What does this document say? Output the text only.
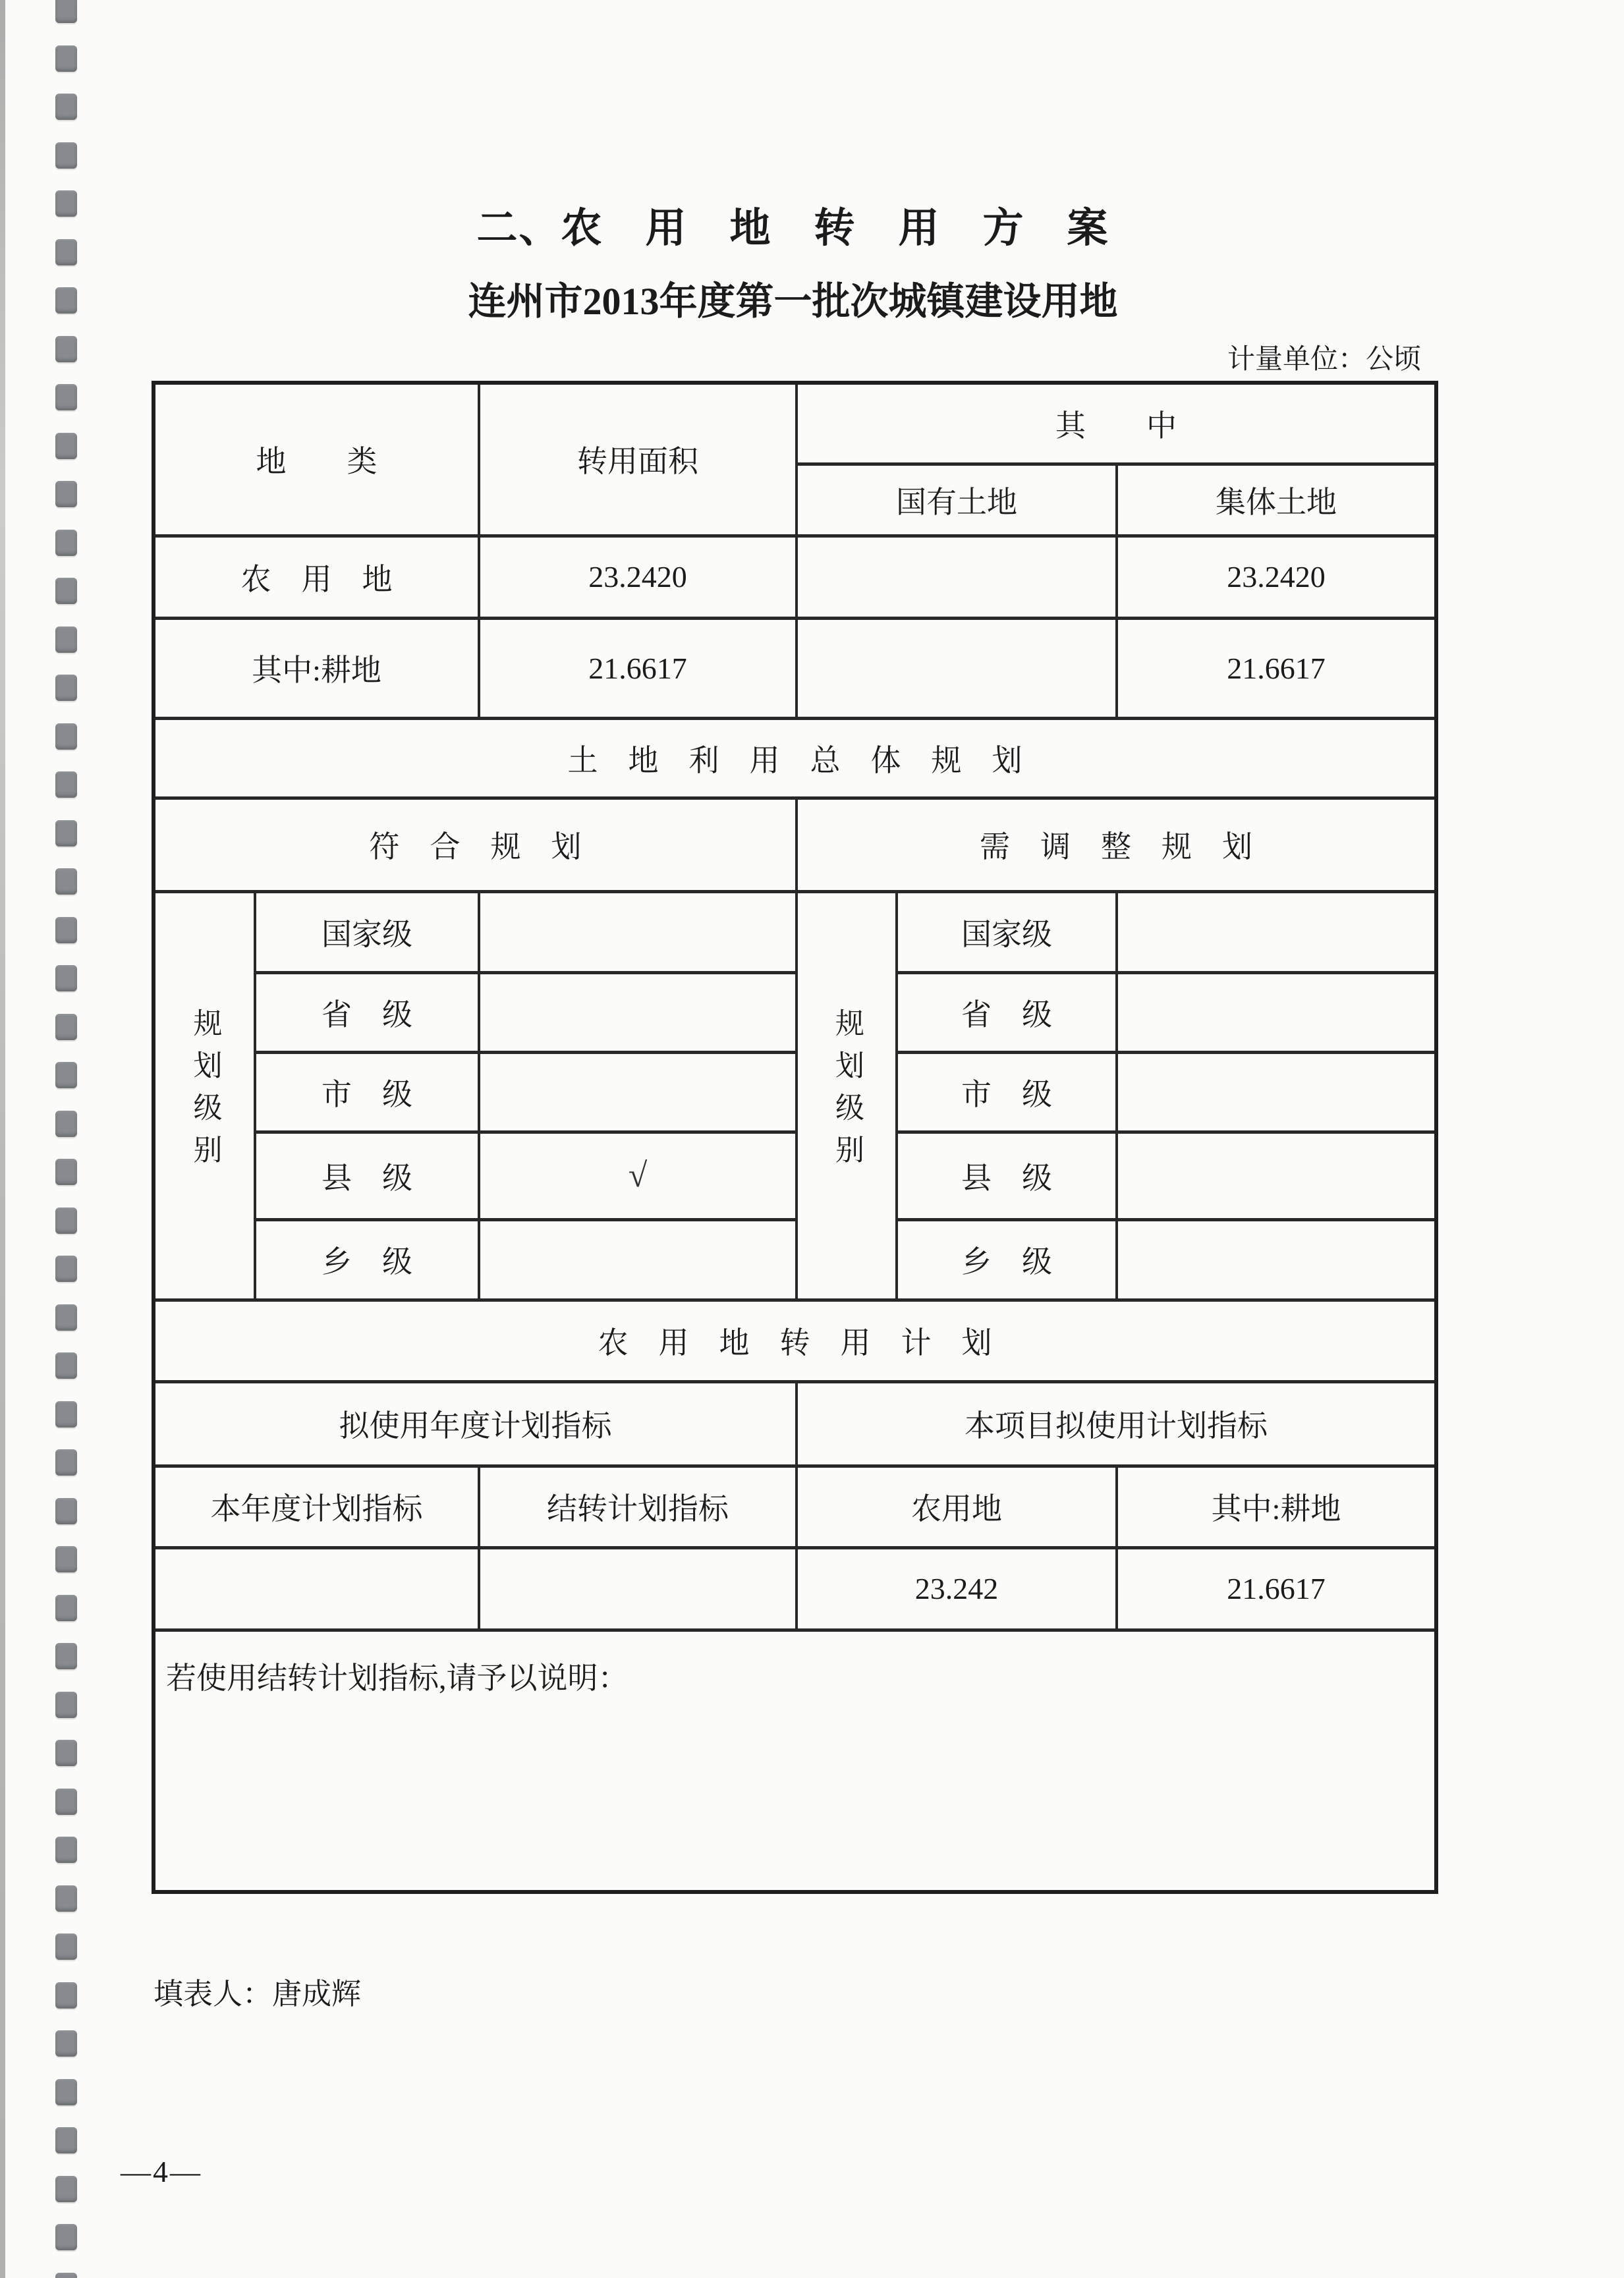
二、农　用　地　转　用　方　案
连州市2013年度第一批次城镇建设用地
计量单位：公顷
地　　类		转用面积	其　　中		
			国有土地		集体土地
农　用　地		23.2420			23.2420
其中:耕地		21.6617			21.6617
土　地　利　用　总　体　规　划					
符　合　规　划			需　调　整　规　划		
规划级别	国家级		规划级别	国家级	
	省　级			省　级	
	市　级			市　级	
	县　级	√		县　级	
	乡　级			乡　级	
农　用　地　转　用　计　划					
拟使用年度计划指标			本项目拟使用计划指标		
本年度计划指标		结转计划指标	农用地		其中:耕地
			23.242		21.6617
若使用结转计划指标,请予以说明：					
填表人：唐成辉
—4—
